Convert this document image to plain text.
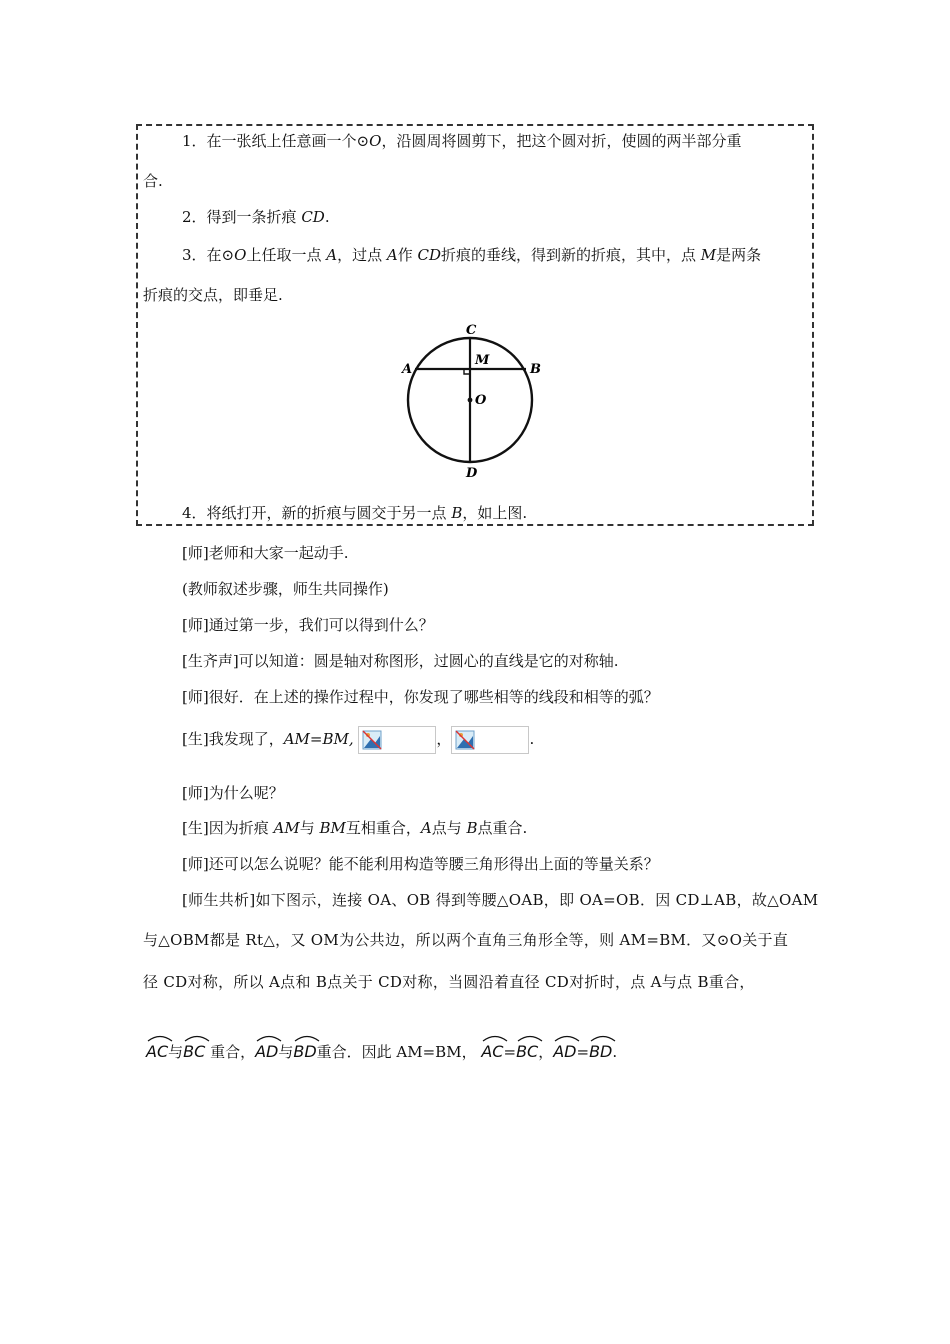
1．在一张纸上任意画一个⊙O，沿圆周将圆剪下，把这个圆对折，使圆的两半部分重
合.
2．得到一条折痕 CD.
3．在⊙O上任取一点 A，过点 A作 CD折痕的垂线，得到新的折痕，其中，点 M是两条
折痕的交点，即垂足.
C
A
M
B
O
D
4．将纸打开，新的折痕与圆交于另一点 B，如上图.
[师]老师和大家一起动手.
(教师叙述步骤，师生共同操作)
[师]通过第一步，我们可以得到什么？
[生齐声]可以知道：圆是轴对称图形，过圆心的直线是它的对称轴.
[师]很好．在上述的操作过程中，你发现了哪些相等的线段和相等的弧？
[生]我发现了，AM=BM,	，	.
[师]为什么呢？
[生]因为折痕 AM与 BM互相重合，A点与 B点重合.
[师]还可以怎么说呢？能不能利用构造等腰三角形得出上面的等量关系？
[师生共析]如下图示，连接 OA、OB 得到等腰△OAB，即 OA=OB．因 CD⊥AB，故△OAM
与△OBM都是 Rt△，又 OM为公共边，所以两个直角三角形全等，则 AM=BM．又⊙O关于直
径 CD对称，所以 A点和 B点关于 CD对称，当圆沿着直径 CD对折时，点 A与点 B重合，
AC与
BC 重合，
AD与
BD重合．因此 AM=BM， AC=
BC，
AD=
BD.
